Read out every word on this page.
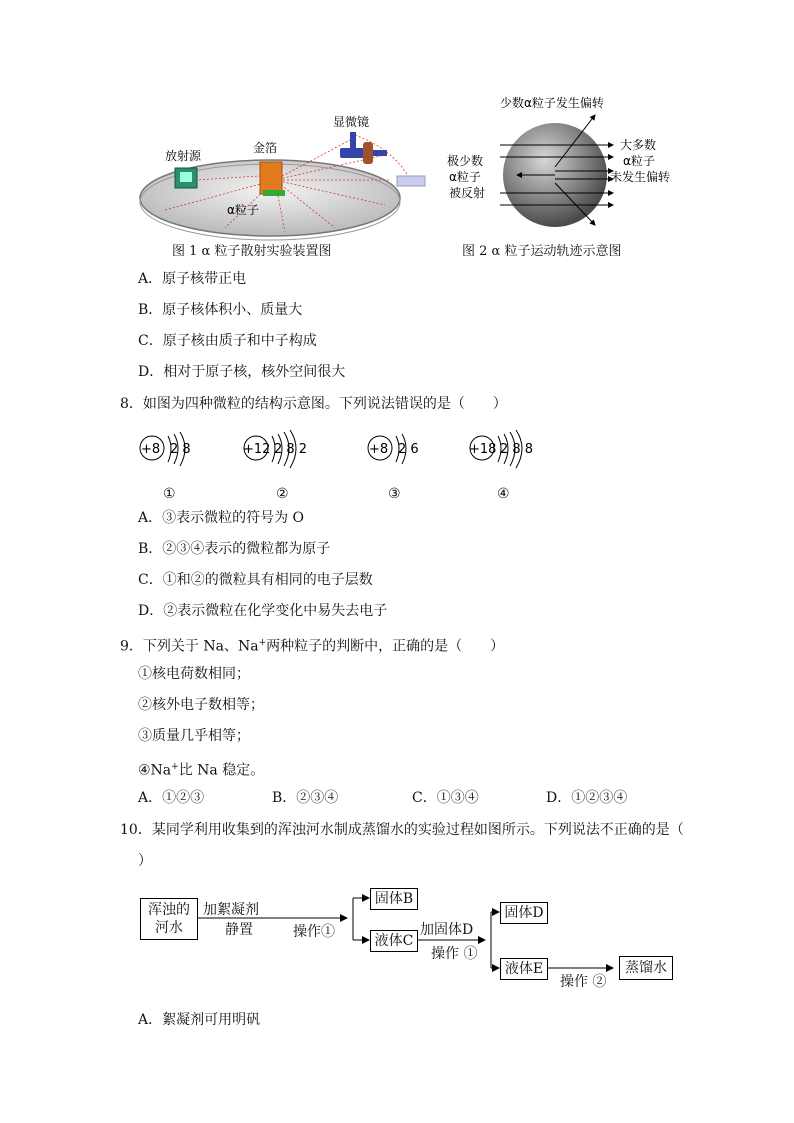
放射源
金箔
显微镜
α粒子
图 1 α 粒子散射实验装置图
少数α粒子发生偏转
大多数
α粒子
未发生偏转
极少数
α粒子
被反射
图 2 α 粒子运动轨迹示意图
A．原子核带正电
B．原子核体积小、质量大
C．原子核由质子和中子构成
D．相对于原子核，核外空间很大
8．如图为四种微粒的结构示意图。下列说法错误的是（　　）
+8 2 8	+12 2 8 2	+8 2 6	+18 2 8 8
①	②	③	④
A．③表示微粒的符号为 O
B．②③④表示的微粒都为原子
C．①和②的微粒具有相同的电子层数
D．②表示微粒在化学变化中易失去电子
9．下列关于 Na、Na+两种粒子的判断中，正确的是（　　）
①核电荷数相同；
②核外电子数相等；
③质量几乎相等；
④Na+比 Na 稳定。
A．①②③	B．②③④	C．①③④	D．①②③④
10．某同学利用收集到的浑浊河水制成蒸馏水的实验过程如图所示。下列说法不正确的是（
）
浑浊的
河水
加絮凝剂
静置	操作①
固体B
液体C
加固体D
操作 ①
固体D
液体E
操作 ②
蒸馏水
A．絮凝剂可用明矾
